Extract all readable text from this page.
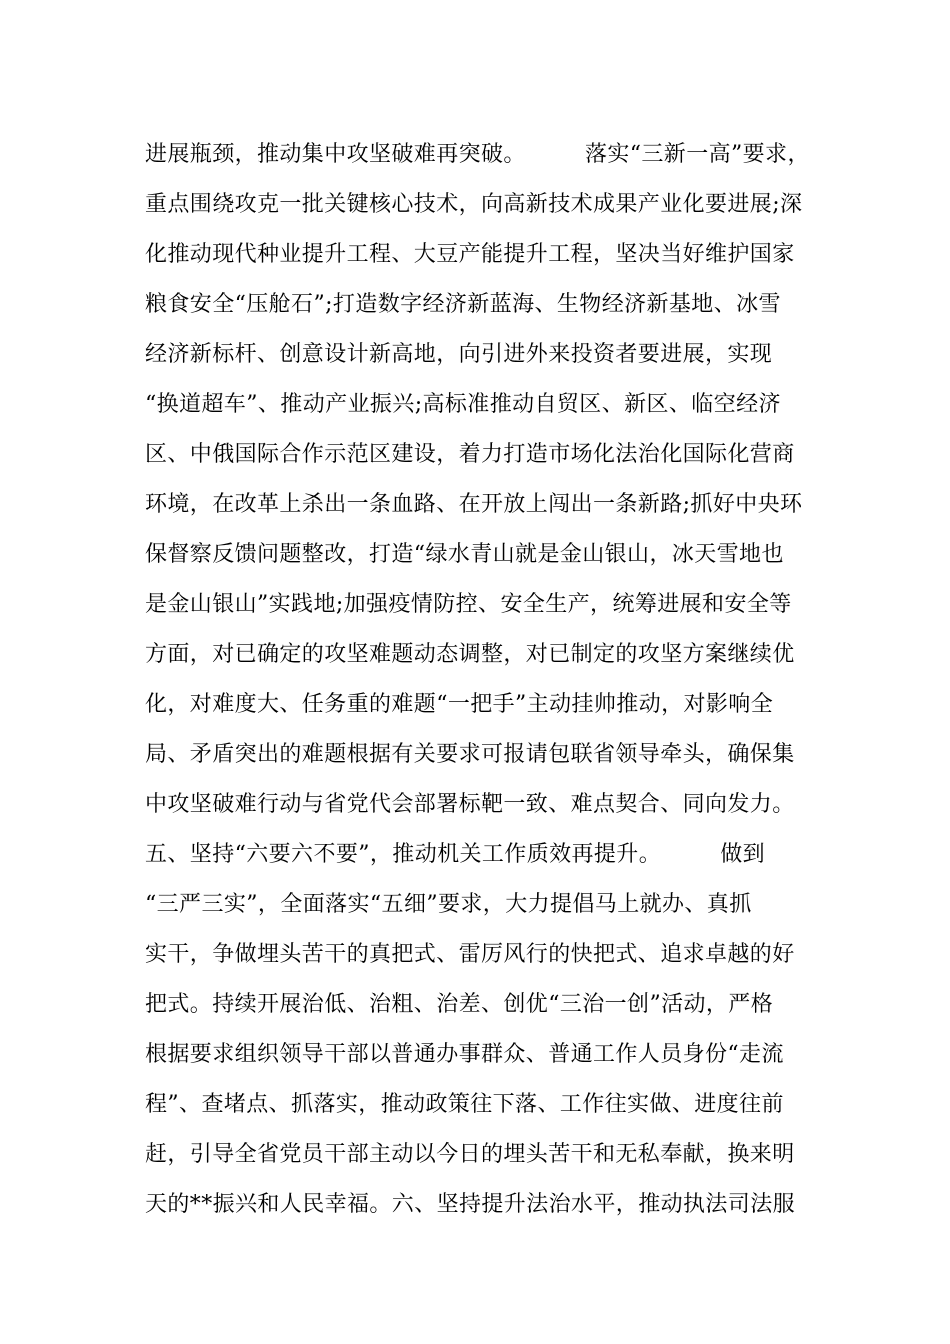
进展瓶颈，推动集中攻坚破难再突破。        落实“三新一高”要求，
重点围绕攻克一批关键核心技术，向高新技术成果产业化要进展;深
化推动现代种业提升工程、大豆产能提升工程，坚决当好维护国家
粮食安全“压舱石”;打造数字经济新蓝海、生物经济新基地、冰雪
经济新标杆、创意设计新高地，向引进外来投资者要进展，实现
“换道超车”、推动产业振兴;高标准推动自贸区、新区、临空经济
区、中俄国际合作示范区建设，着力打造市场化法治化国际化营商
环境，在改革上杀出一条血路、在开放上闯出一条新路;抓好中央环
保督察反馈问题整改，打造“绿水青山就是金山银山，冰天雪地也
是金山银山”实践地;加强疫情防控、安全生产，统筹进展和安全等
方面，对已确定的攻坚难题动态调整，对已制定的攻坚方案继续优
化，对难度大、任务重的难题“一把手”主动挂帅推动，对影响全
局、矛盾突出的难题根据有关要求可报请包联省领导牵头，确保集
中攻坚破难行动与省党代会部署标靶一致、难点契合、同向发力。
五、坚持“六要六不要”，推动机关工作质效再提升。        做到
“三严三实”，全面落实“五细”要求，大力提倡马上就办、真抓
实干，争做埋头苦干的真把式、雷厉风行的快把式、追求卓越的好
把式。持续开展治低、治粗、治差、创优“三治一创”活动，严格
根据要求组织领导干部以普通办事群众、普通工作人员身份“走流
程”、查堵点、抓落实，推动政策往下落、工作往实做、进度往前
赶，引导全省党员干部主动以今日的埋头苦干和无私奉献，换来明
天的**振兴和人民幸福。六、坚持提升法治水平，推动执法司法服
